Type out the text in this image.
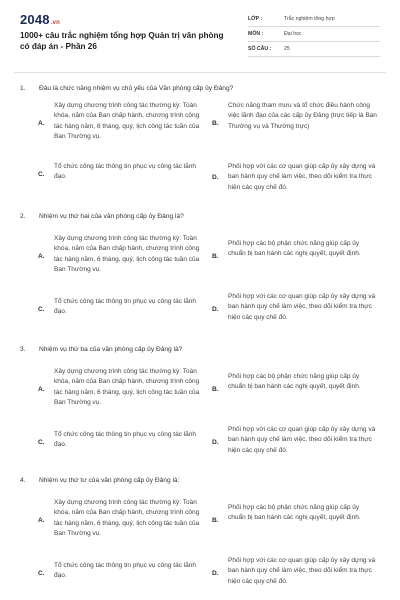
2048.vn
1000+ câu trắc nghiệm tổng hợp Quản trị văn phòng có đáp án - Phần 26
LỚP :	Trắc nghiệm tổng hợp
MÔN :	Đại học
SỐ CÂU :	25
1. Đâu là chức năng nhiệm vụ chủ yếu của Văn phòng cấp ủy Đảng?
A.
Xây dựng chương trình công tác thường kỳ: Toàn khóa, năm của Ban chấp hành, chương trình công tác hàng năm, 6 tháng, quý, lịch công tác tuần của Ban Thường vụ.
B.
Chức năng tham mưu và tổ chức điều hành công việc lãnh đạo của các cấp ủy Đảng (trực tiếp là Ban Thường vụ và Thường trực)
C.
Tổ chức công tác thông tin phục vụ công tác lãnh đạo.	D.
Phối hợp với các cơ quan giúp cấp ủy xây dựng và ban hành quy chế làm việc, theo dõi kiểm tra thực hiện các quy chế đó.
2. Nhiệm vụ thứ hai của văn phòng cấp ủy Đảng là?
A.
Xây dựng chương trình công tác thường kỳ: Toàn khóa, năm của Ban chấp hành, chương trình công tác hàng năm, 6 tháng, quý, lịch công tác tuần của Ban Thường vụ.
B.
Phối hợp các bộ phận chức năng giúp cấp ủy chuẩn bị ban hành các nghị quyết, quyết định.
C.
Tổ chức công tác thông tin phục vụ công tác lãnh đạo.	D.
Phối hợp với các cơ quan giúp cấp ủy xây dựng và ban hành quy chế làm việc, theo dõi kiểm tra thực hiện các quy chế đó.
3. Nhiệm vụ thứ ba của văn phòng cấp ủy Đảng là?
A.
Xây dựng chương trình công tác thường kỳ: Toàn khóa, năm của Ban chấp hành, chương trình công tác hàng năm, 6 tháng, quý, lịch công tác tuần của Ban Thường vụ.
B.
Phối hợp các bộ phận chức năng giúp cấp ủy chuẩn bị ban hành các nghị quyết, quyết định.
C.
Tổ chức công tác thông tin phục vụ công tác lãnh đạo.	D.
Phối hợp với các cơ quan giúp cấp ủy xây dựng và ban hành quy chế làm việc, theo dõi kiểm tra thực hiện các quy chế đó.
4. Nhiệm vụ thứ tư của văn phòng cấp ủy Đảng là:
A.
Xây dựng chương trình công tác thường kỳ: Toàn khóa, năm của Ban chấp hành, chương trình công tác hàng năm, 6 tháng, quý, lịch công tác tuần của Ban Thường vụ.
B.
Phối hợp các bộ phận chức năng giúp cấp ủy chuẩn bị ban hành các nghị quyết, quyết định.
C.
Tổ chức công tác thông tin phục vụ công tác lãnh đạo.	D.
Phối hợp với các cơ quan giúp cấp ủy xây dựng và ban hành quy chế làm việc, theo dõi kiểm tra thực hiện các quy chế đó.
